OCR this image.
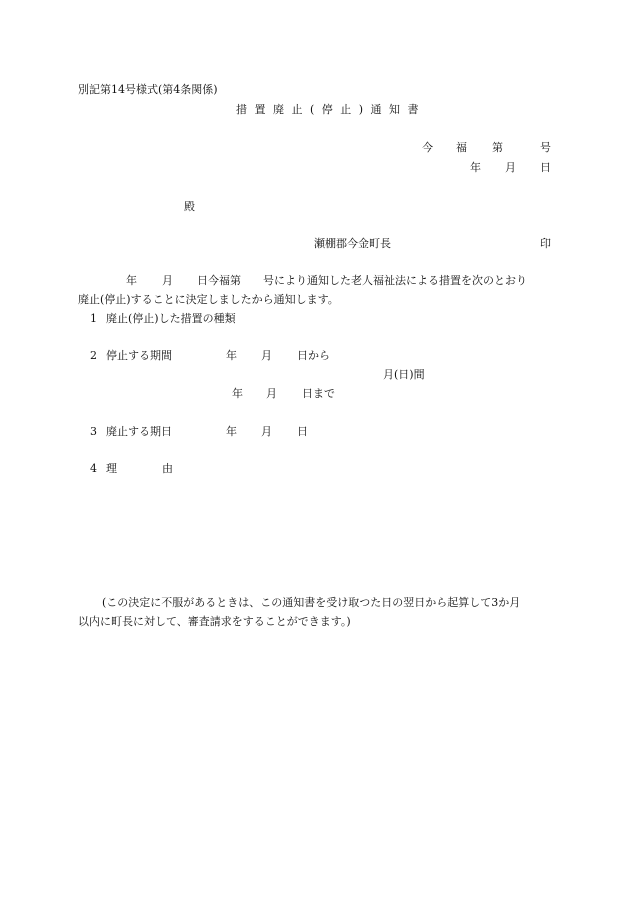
別記第14号様式(第4条関係)
措 置 廃 止 ( 停 止 ) 通 知 書
今 福 第	号
年 月 日
殿
瀬棚郡今金町長	印
年 月 日今福第　　号により通知した老人福祉法による措置を次のとおり
廃止(停止)することに決定しましたから通知します。
1 廃止(停止)した措置の種類
2 停止する期間	年 月 日から
月(日)間
年 月 日まで
3 廃止する期日	年 月 日
4 理	由
(この決定に不服があるときは、この通知書を受け取つた日の翌日から起算して3か月
以内に町長に対して、審査請求をすることができます。)
